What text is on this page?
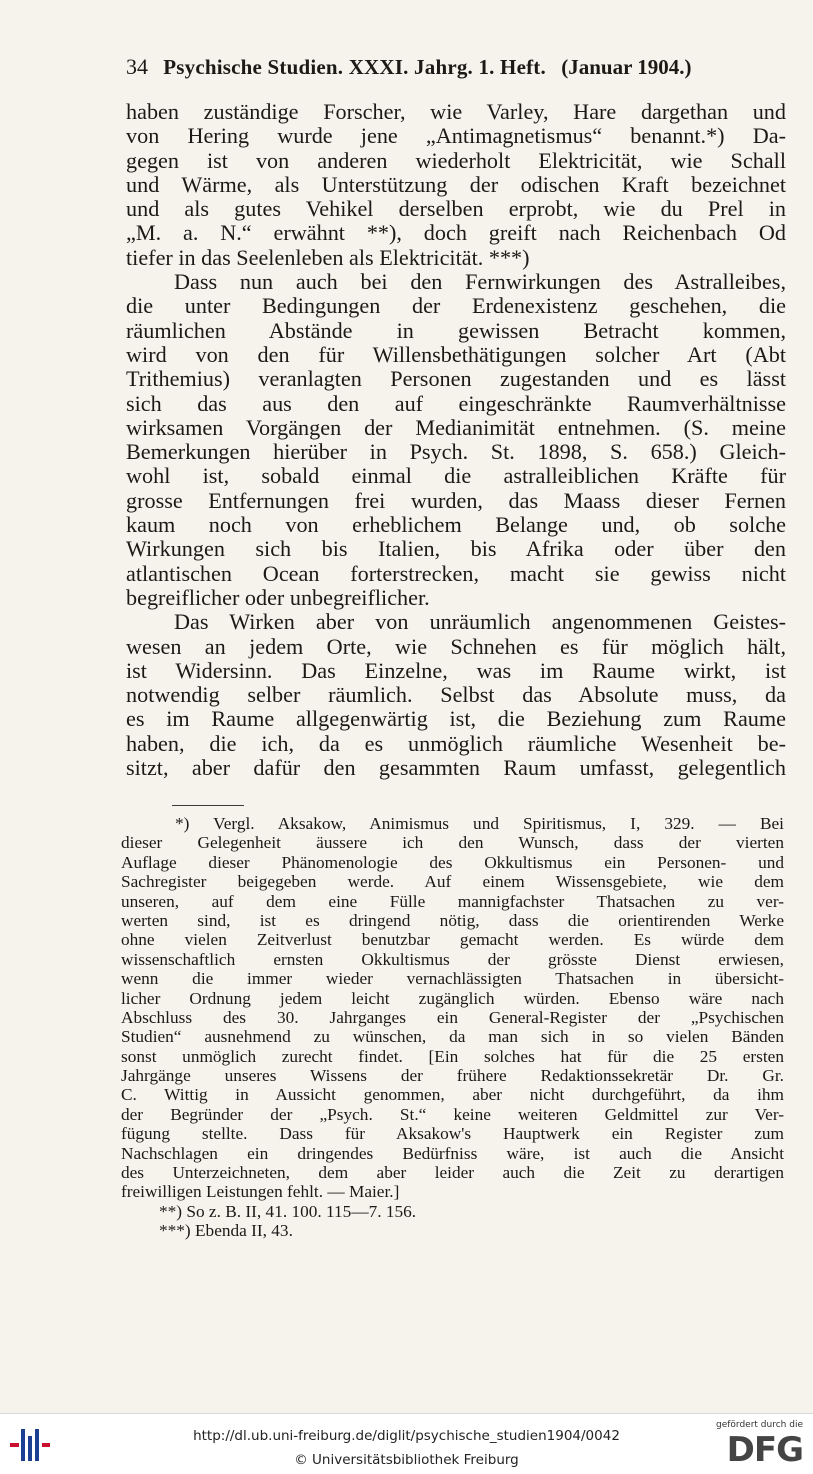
34 Psychische Studien. XXXI. Jahrg. 1. Heft. (Januar 1904.)
haben zuständige Forscher, wie Varley, Hare dargethan und
von Hering wurde jene „Antimagnetismus“ benannt.*) Da-
gegen ist von anderen wiederholt Elektricität, wie Schall
und Wärme, als Unterstützung der odischen Kraft bezeichnet
und als gutes Vehikel derselben erprobt, wie du Prel in
„M. a. N.“ erwähnt **), doch greift nach Reichenbach Od
tiefer in das Seelenleben als Elektricität. ***)
Dass nun auch bei den Fernwirkungen des Astralleibes,
die unter Bedingungen der Erdenexistenz geschehen, die
räumlichen Abstände in gewissen Betracht kommen,
wird von den für Willensbethätigungen solcher Art (Abt
Trithemius) veranlagten Personen zugestanden und es lässt
sich das aus den auf eingeschränkte Raumverhältnisse
wirksamen Vorgängen der Medianimität entnehmen. (S. meine
Bemerkungen hierüber in Psych. St. 1898, S. 658.) Gleich-
wohl ist, sobald einmal die astralleiblichen Kräfte für
grosse Entfernungen frei wurden, das Maass dieser Fernen
kaum noch von erheblichem Belange und, ob solche
Wirkungen sich bis Italien, bis Afrika oder über den
atlantischen Ocean forterstrecken, macht sie gewiss nicht
begreiflicher oder unbegreiflicher.
Das Wirken aber von unräumlich angenommenen Geistes-
wesen an jedem Orte, wie Schnehen es für möglich hält,
ist Widersinn. Das Einzelne, was im Raume wirkt, ist
notwendig selber räumlich. Selbst das Absolute muss, da
es im Raume allgegenwärtig ist, die Beziehung zum Raume
haben, die ich, da es unmöglich räumliche Wesenheit be-
sitzt, aber dafür den gesammten Raum umfasst, gelegentlich
*) Vergl. Aksakow, Animismus und Spiritismus, I, 329. — Bei
dieser Gelegenheit äussere ich den Wunsch, dass der vierten
Auflage dieser Phänomenologie des Okkultismus ein Personen- und
Sachregister beigegeben werde. Auf einem Wissensgebiete, wie dem
unseren, auf dem eine Fülle mannigfachster Thatsachen zu ver-
werten sind, ist es dringend nötig, dass die orientirenden Werke
ohne vielen Zeitverlust benutzbar gemacht werden. Es würde dem
wissenschaftlich ernsten Okkultismus der grösste Dienst erwiesen,
wenn die immer wieder vernachlässigten Thatsachen in übersicht-
licher Ordnung jedem leicht zugänglich würden. Ebenso wäre nach
Abschluss des 30. Jahrganges ein General-Register der „Psychischen
Studien“ ausnehmend zu wünschen, da man sich in so vielen Bänden
sonst unmöglich zurecht findet. [Ein solches hat für die 25 ersten
Jahrgänge unseres Wissens der frühere Redaktionssekretär Dr. Gr.
C. Wittig in Aussicht genommen, aber nicht durchgeführt, da ihm
der Begründer der „Psych. St.“ keine weiteren Geldmittel zur Ver-
fügung stellte. Dass für Aksakow's Hauptwerk ein Register zum
Nachschlagen ein dringendes Bedürfniss wäre, ist auch die Ansicht
des Unterzeichneten, dem aber leider auch die Zeit zu derartigen
freiwilligen Leistungen fehlt. — Maier.]
**) So z. B. II, 41. 100. 115—7. 156.
***) Ebenda II, 43.
http://dl.ub.uni-freiburg.de/diglit/psychische_studien1904/0042
© Universitätsbibliothek Freiburg
gefördert durch die
DFG
